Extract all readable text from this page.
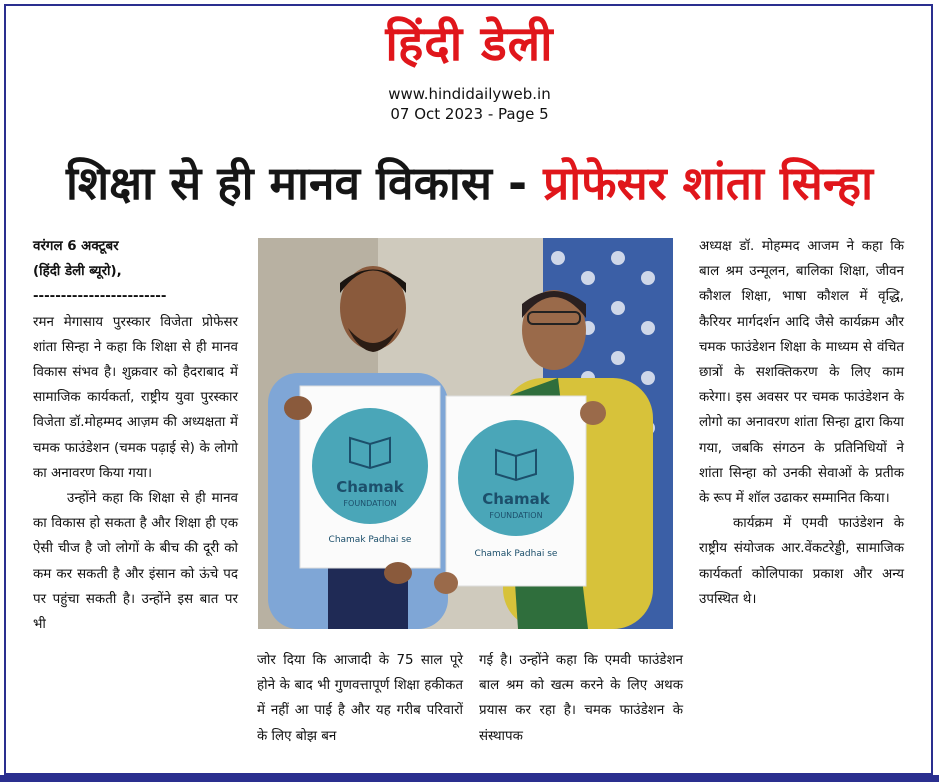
हिंदी डेली
www.hindidailyweb.in
07 Oct 2023 - Page 5
शिक्षा से ही मानव विकास - प्रोफेसर शांता सिन्हा

वरंगल 6 अक्टूबर

(हिंदी डेली ब्यूरो),

------------------------

रमन मेगासाय पुरस्कार विजेता प्रोफेसर शांता सिन्हा ने कहा कि शिक्षा से ही मानव विकास संभव है। शुक्रवार को हैदराबाद में सामाजिक कार्यकर्ता, राष्ट्रीय युवा पुरस्कार विजेता डॉ.मोहम्मद आज़म की अध्यक्षता में चमक फाउंडेशन (चमक पढ़ाई से) के लोगो का अनावरण किया गया।

उन्होंने कहा कि शिक्षा से ही मानव का विकास हो सकता है और शिक्षा ही एक ऐसी चीज है जो लोगों के बीच की दूरी को कम कर सकती है और इंसान को ऊंचे पद पर पहुंचा सकती है। उन्होंने इस बात पर भी

Chamak
FOUNDATION
Chamak Padhai se
Chamak
FOUNDATION
Chamak Padhai se

जोर दिया कि आजादी के 75 साल पूरे होने के बाद भी गुणवत्तापूर्ण शिक्षा हकीकत में नहीं आ पाई है और यह गरीब परिवारों के लिए बोझ बन

गई है। उन्होंने कहा कि एमवी फाउंडेशन बाल श्रम को खत्म करने के लिए अथक प्रयास कर रहा है। चमक फाउंडेशन के संस्थापक

अध्यक्ष डॉ. मोहम्मद आजम ने कहा कि बाल श्रम उन्मूलन, बालिका शिक्षा, जीवन कौशल शिक्षा, भाषा कौशल में वृद्धि, कैरियर मार्गदर्शन आदि जैसे कार्यक्रम और चमक फाउंडेशन शिक्षा के माध्यम से वंचित छात्रों के सशक्तिकरण के लिए काम करेगा। इस अवसर पर चमक फाउंडेशन के लोगो का अनावरण शांता सिन्हा द्वारा किया गया, जबकि संगठन के प्रतिनिधियों ने शांता सिन्हा को उनकी सेवाओं के प्रतीक के रूप में शॉल उढाकर सम्मानित किया।

कार्यक्रम में एमवी फाउंडेशन के राष्ट्रीय संयोजक आर.वेंकटरेड्डी, सामाजिक कार्यकर्ता कोलिपाका प्रकाश और अन्य उपस्थित थे।
